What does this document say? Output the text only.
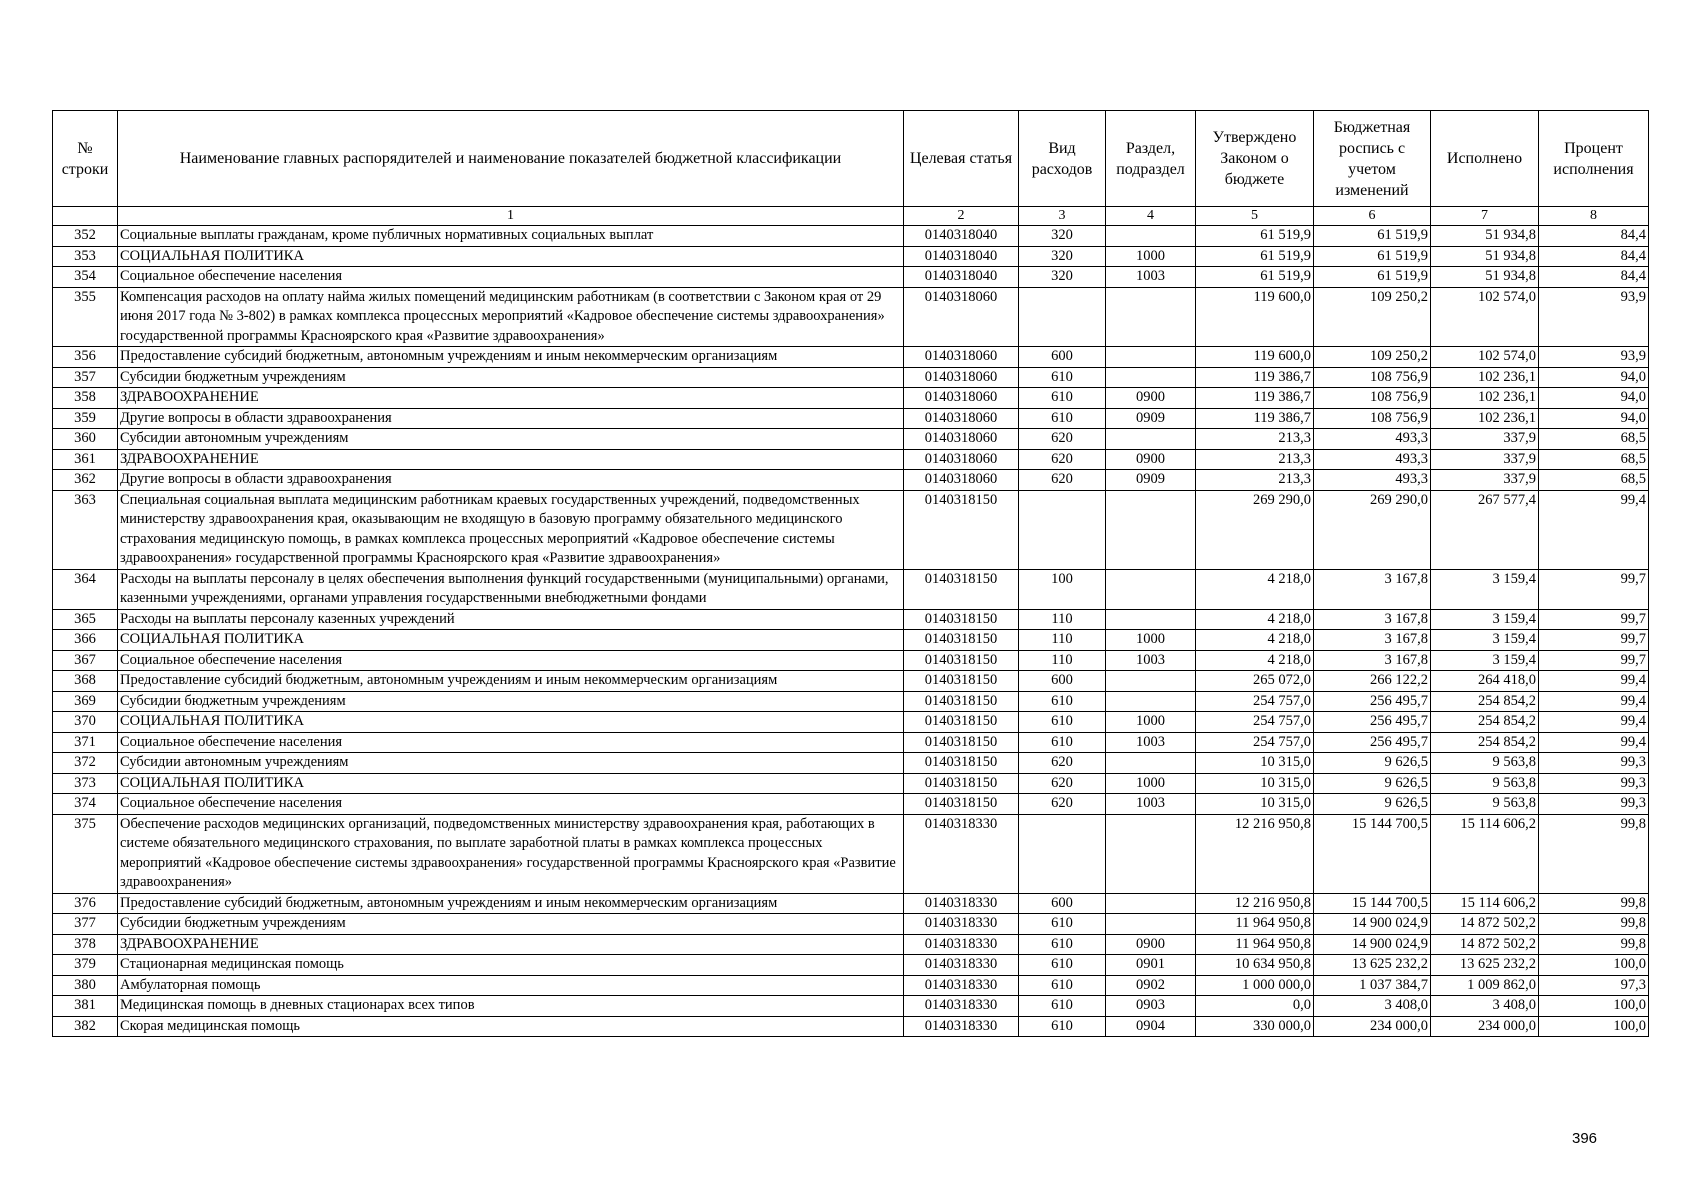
№ строки	Наименование главных распорядителей и наименование показателей бюджетной классификации	Целевая статья	Вид расходов	Раздел, подраздел	Утверждено Законом о бюджете	Бюджетная роспись с учетом изменений	Исполнено	Процент исполнения
	1	2	3	4	5	6	7	8
352	Социальные выплаты гражданам, кроме публичных нормативных социальных выплат	0140318040	320		61 519,9	61 519,9	51 934,8	84,4
353	СОЦИАЛЬНАЯ ПОЛИТИКА	0140318040	320	1000	61 519,9	61 519,9	51 934,8	84,4
354	Социальное обеспечение населения	0140318040	320	1003	61 519,9	61 519,9	51 934,8	84,4
355	Компенсация расходов на оплату найма жилых помещений медицинским работникам (в соответствии с Законом края от 29 июня 2017 года № 3-802) в рамках комплекса процессных мероприятий «Кадровое обеспечение системы здравоохранения» государственной программы Красноярского края «Развитие здравоохранения»	0140318060			119 600,0	109 250,2	102 574,0	93,9
356	Предоставление субсидий бюджетным, автономным учреждениям и иным некоммерческим организациям	0140318060	600		119 600,0	109 250,2	102 574,0	93,9
357	Субсидии бюджетным учреждениям	0140318060	610		119 386,7	108 756,9	102 236,1	94,0
358	ЗДРАВООХРАНЕНИЕ	0140318060	610	0900	119 386,7	108 756,9	102 236,1	94,0
359	Другие вопросы в области здравоохранения	0140318060	610	0909	119 386,7	108 756,9	102 236,1	94,0
360	Субсидии автономным учреждениям	0140318060	620		213,3	493,3	337,9	68,5
361	ЗДРАВООХРАНЕНИЕ	0140318060	620	0900	213,3	493,3	337,9	68,5
362	Другие вопросы в области здравоохранения	0140318060	620	0909	213,3	493,3	337,9	68,5
363	Специальная социальная выплата медицинским работникам краевых государственных учреждений, подведомственных министерству здравоохранения края, оказывающим не входящую в базовую программу обязательного медицинского страхования медицинскую помощь, в рамках комплекса процессных мероприятий «Кадровое обеспечение системы здравоохранения» государственной программы Красноярского края «Развитие здравоохранения»	0140318150			269 290,0	269 290,0	267 577,4	99,4
364	Расходы на выплаты персоналу в целях обеспечения выполнения функций государственными (муниципальными) органами, казенными учреждениями, органами управления государственными внебюджетными фондами	0140318150	100		4 218,0	3 167,8	3 159,4	99,7
365	Расходы на выплаты персоналу казенных учреждений	0140318150	110		4 218,0	3 167,8	3 159,4	99,7
366	СОЦИАЛЬНАЯ ПОЛИТИКА	0140318150	110	1000	4 218,0	3 167,8	3 159,4	99,7
367	Социальное обеспечение населения	0140318150	110	1003	4 218,0	3 167,8	3 159,4	99,7
368	Предоставление субсидий бюджетным, автономным учреждениям и иным некоммерческим организациям	0140318150	600		265 072,0	266 122,2	264 418,0	99,4
369	Субсидии бюджетным учреждениям	0140318150	610		254 757,0	256 495,7	254 854,2	99,4
370	СОЦИАЛЬНАЯ ПОЛИТИКА	0140318150	610	1000	254 757,0	256 495,7	254 854,2	99,4
371	Социальное обеспечение населения	0140318150	610	1003	254 757,0	256 495,7	254 854,2	99,4
372	Субсидии автономным учреждениям	0140318150	620		10 315,0	9 626,5	9 563,8	99,3
373	СОЦИАЛЬНАЯ ПОЛИТИКА	0140318150	620	1000	10 315,0	9 626,5	9 563,8	99,3
374	Социальное обеспечение населения	0140318150	620	1003	10 315,0	9 626,5	9 563,8	99,3
375	Обеспечение расходов медицинских организаций, подведомственных министерству здравоохранения края, работающих в системе обязательного медицинского страхования, по выплате заработной платы в рамках комплекса процессных мероприятий «Кадровое обеспечение системы здравоохранения» государственной программы Красноярского края «Развитие здравоохранения»	0140318330			12 216 950,8	15 144 700,5	15 114 606,2	99,8
376	Предоставление субсидий бюджетным, автономным учреждениям и иным некоммерческим организациям	0140318330	600		12 216 950,8	15 144 700,5	15 114 606,2	99,8
377	Субсидии бюджетным учреждениям	0140318330	610		11 964 950,8	14 900 024,9	14 872 502,2	99,8
378	ЗДРАВООХРАНЕНИЕ	0140318330	610	0900	11 964 950,8	14 900 024,9	14 872 502,2	99,8
379	Стационарная медицинская помощь	0140318330	610	0901	10 634 950,8	13 625 232,2	13 625 232,2	100,0
380	Амбулаторная помощь	0140318330	610	0902	1 000 000,0	1 037 384,7	1 009 862,0	97,3
381	Медицинская помощь в дневных стационарах всех типов	0140318330	610	0903	0,0	3 408,0	3 408,0	100,0
382	Скорая медицинская помощь	0140318330	610	0904	330 000,0	234 000,0	234 000,0	100,0
396
